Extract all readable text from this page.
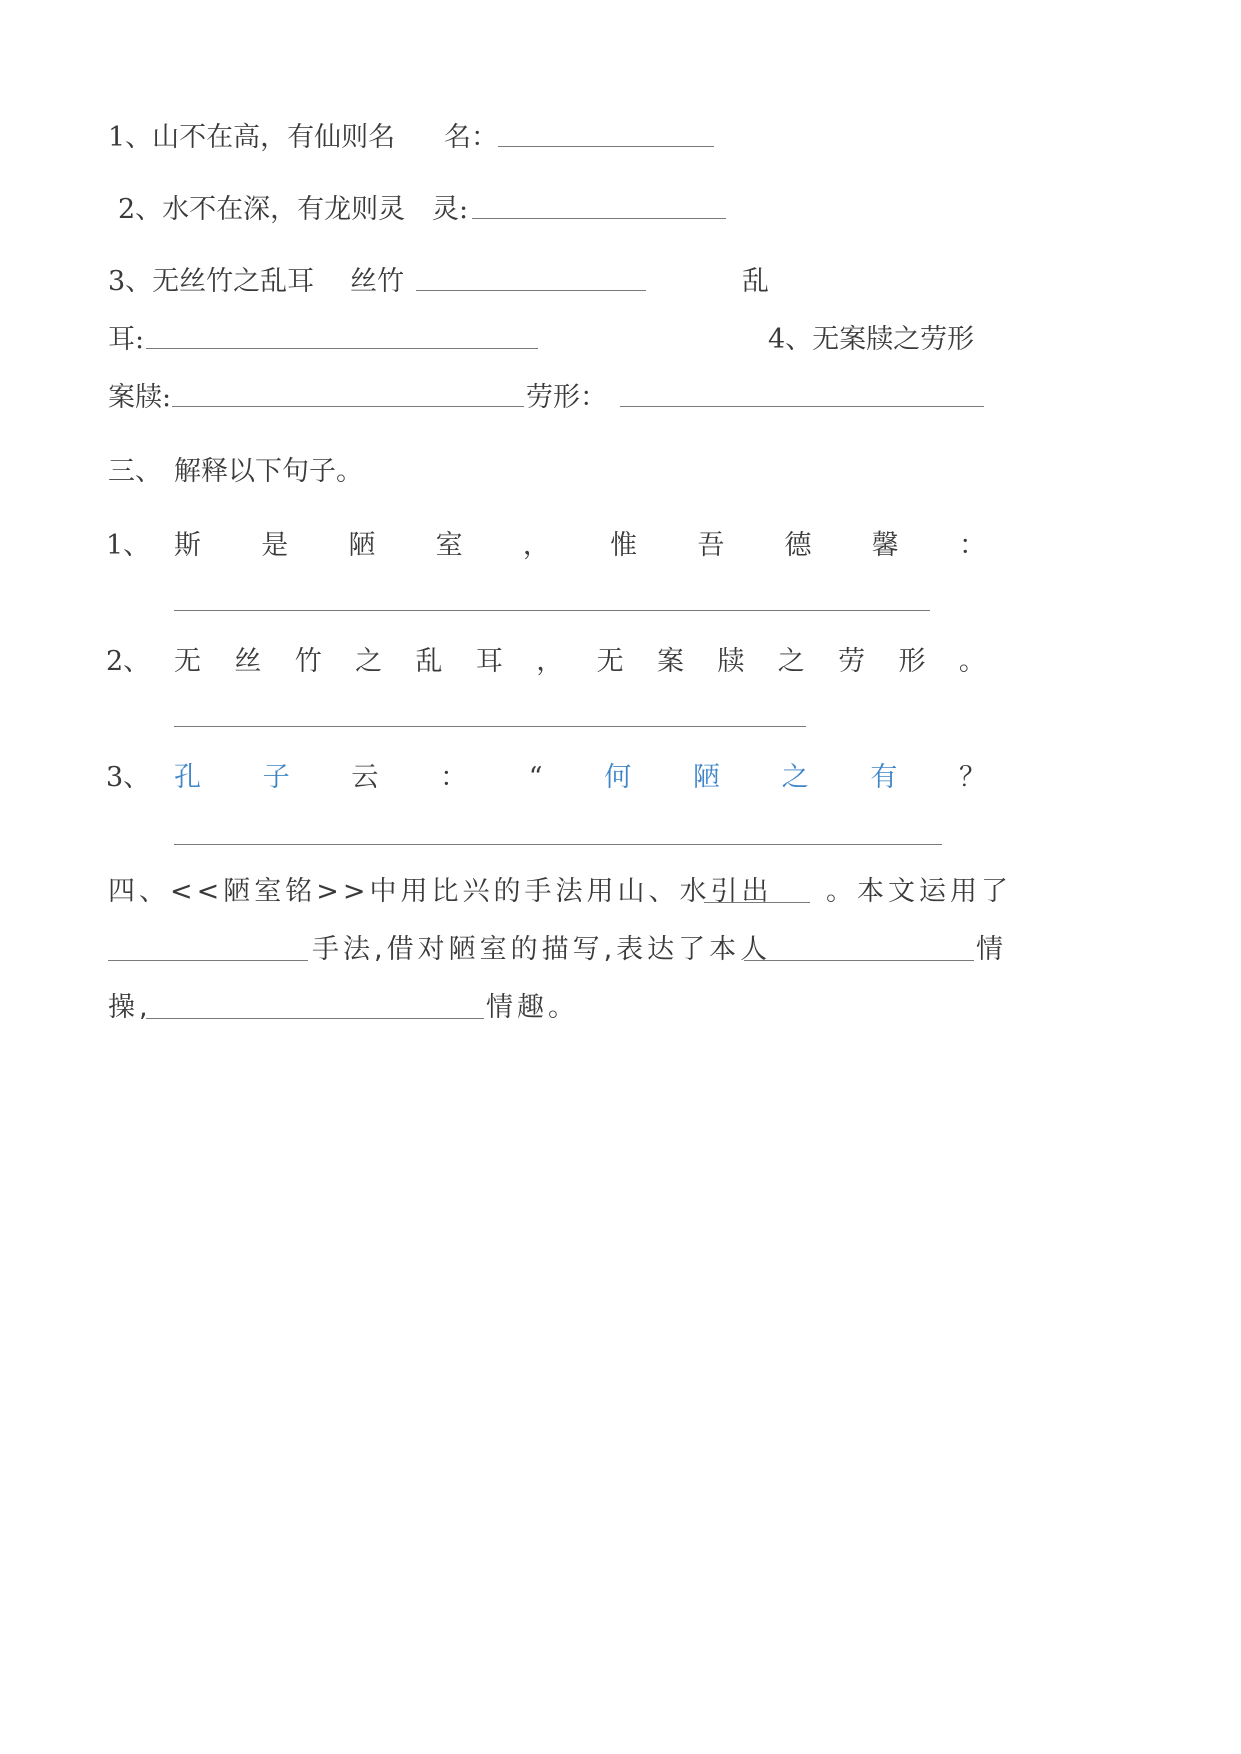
1、山不在高，有仙则名 名：
2、水不在深，有龙则灵 灵:
3、无丝竹之乱耳 丝竹	乱
耳:	4、无案牍之劳形
案牍:	劳形：
三、 解释以下句子。
1、 斯 是 陋 室 ， 惟 吾 德 馨 ：
2、 无 丝 竹 之 乱 耳 ， 无 案 牍 之 劳 形 。
3、 孔 子 云 ： “ 何 陋 之 有 ？
四、<<陋室铭>>中用比兴的手法用山、水引出 。本文运用了
手法,借对陋室的描写,表达了本人	情
操,	情趣。
